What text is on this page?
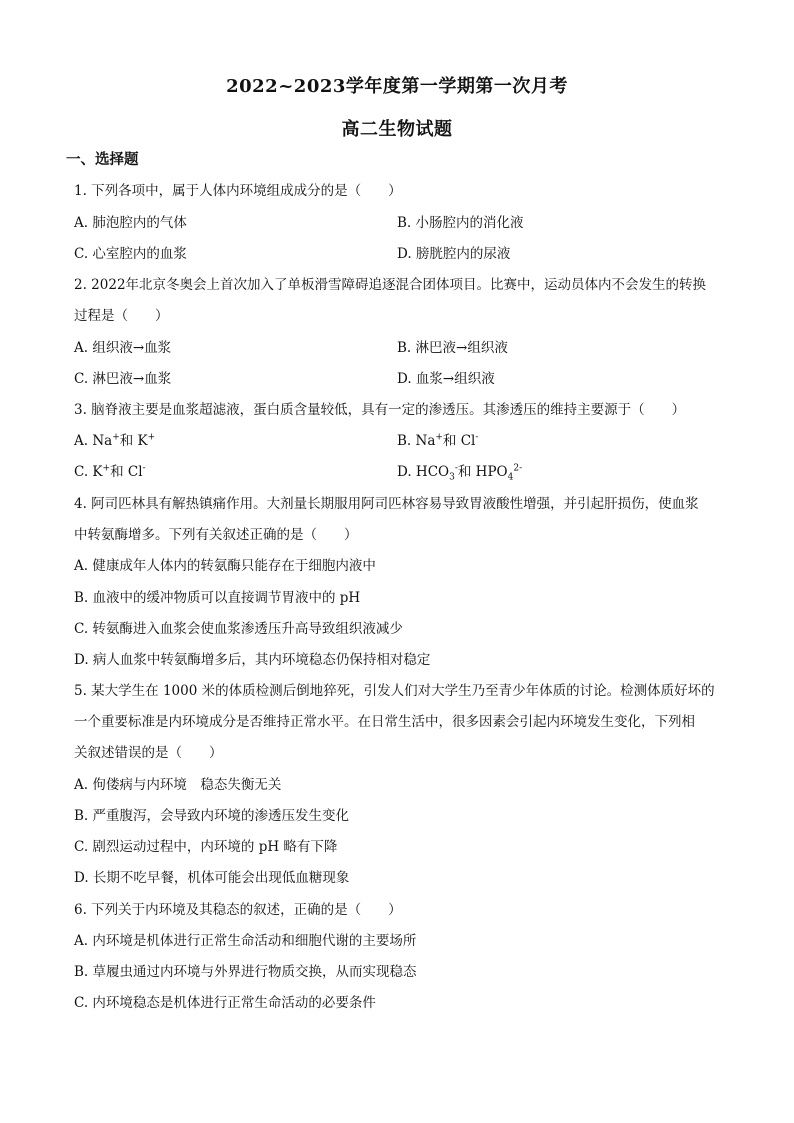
2022~2023学年度第一学期第一次月考
高二生物试题
一、选择题
1. 下列各项中，属于人体内环境组成成分的是（　　）
A. 肺泡腔内的气体	B. 小肠腔内的消化液
C. 心室腔内的血浆	D. 膀胱腔内的尿液
2. 2022年北京冬奥会上首次加入了单板滑雪障碍追逐混合团体项目。比赛中，运动员体内不会发生的转换
过程是（　　）
A. 组织液→血浆	B. 淋巴液→组织液
C. 淋巴液→血浆	D. 血浆→组织液
3. 脑脊液主要是血浆超滤液，蛋白质含量较低，具有一定的渗透压。其渗透压的维持主要源于（　　）
A. Na+和 K+	B. Na+和 Cl-
C. K+和 Cl-	D. $HCO_3^-$和 $HPO_4^{2-}$
4. 阿司匹林具有解热镇痛作用。大剂量长期服用阿司匹林容易导致胃液酸性增强，并引起肝损伤，使血浆
中转氨酶增多。下列有关叙述正确的是（　　）
A. 健康成年人体内的转氨酶只能存在于细胞内液中
B. 血液中的缓冲物质可以直接调节胃液中的 pH
C. 转氨酶进入血浆会使血浆渗透压升高导致组织液减少
D. 病人血浆中转氨酶增多后，其内环境稳态仍保持相对稳定
5. 某大学生在 1000 米的体质检测后倒地猝死，引发人们对大学生乃至青少年体质的讨论。检测体质好坏的
一个重要标准是内环境成分是否维持正常水平。在日常生活中，很多因素会引起内环境发生变化，下列相
关叙述错误的是（　　）
A. 佝偻病与内环境　稳态失衡无关
B. 严重腹泻，会导致内环境的渗透压发生变化
C. 剧烈运动过程中，内环境的 pH 略有下降
D. 长期不吃早餐，机体可能会出现低血糖现象
6. 下列关于内环境及其稳态的叙述，正确的是（　　）
A. 内环境是机体进行正常生命活动和细胞代谢的主要场所
B. 草履虫通过内环境与外界进行物质交换，从而实现稳态
C. 内环境稳态是机体进行正常生命活动的必要条件
